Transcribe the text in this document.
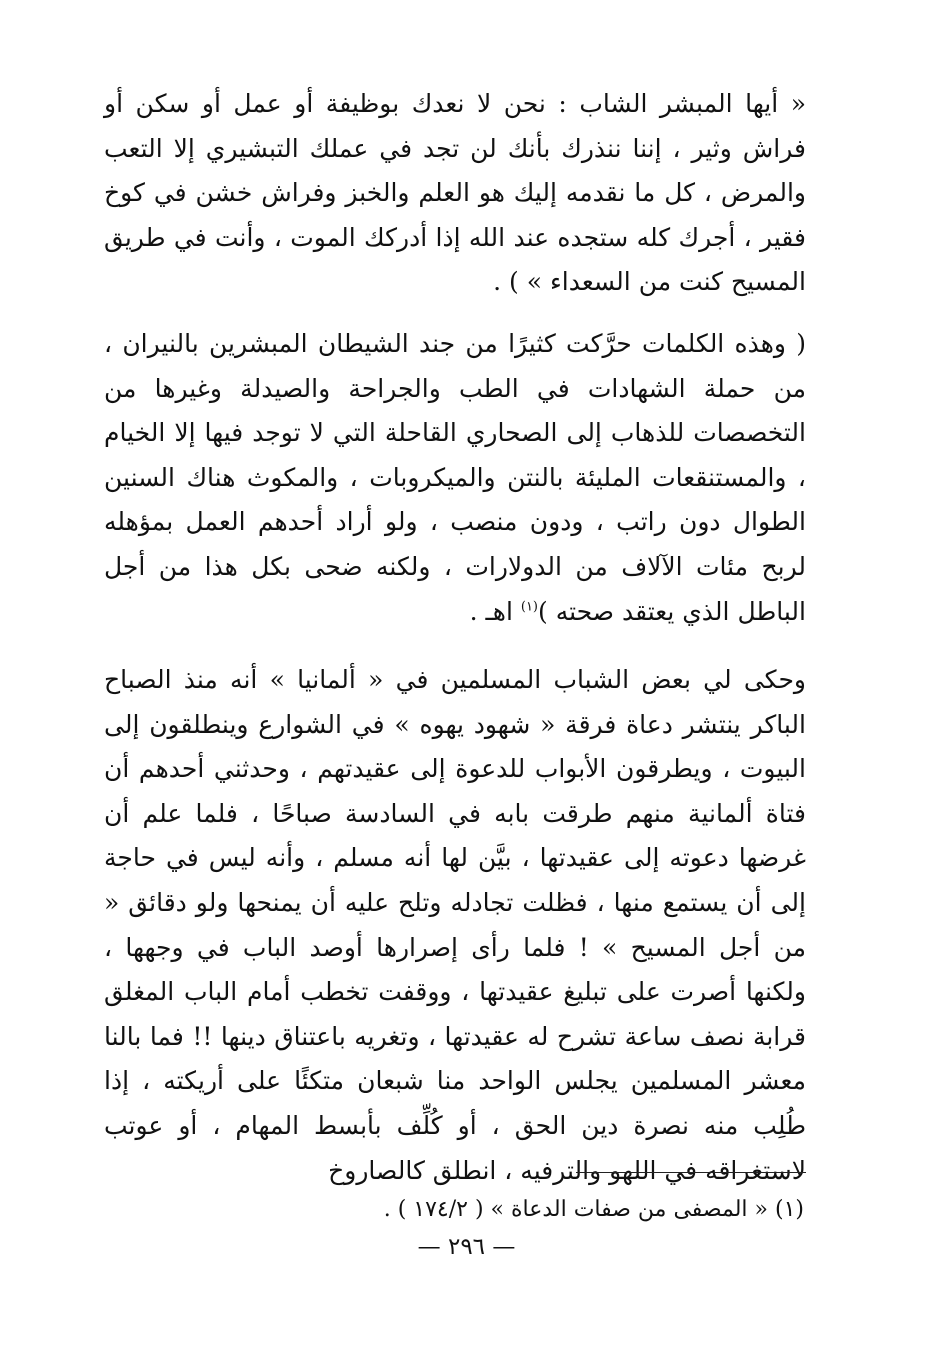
« أيها المبشر الشاب : نحن لا نعدك بوظيفة أو عمل أو سكن أو فراش وثير ، إننا ننذرك بأنك لن تجد في عملك التبشيري إلا التعب والمرض ، كل ما نقدمه إليك هو العلم والخبز وفراش خشن في كوخ فقير ، أجرك كله ستجده عند الله إذا أدركك الموت ، وأنت في طريق المسيح كنت من السعداء » ) .

( وهذه الكلمات حرَّكت كثيرًا من جند الشيطان المبشرين بالنيران ، من حملة الشهادات في الطب والجراحة والصيدلة وغيرها من التخصصات للذهاب إلى الصحاري القاحلة التي لا توجد فيها إلا الخيام ، والمستنقعات المليئة بالنتن والميكروبات ، والمكوث هناك السنين الطوال دون راتب ، ودون منصب ، ولو أراد أحدهم العمل بمؤهله لربح مئات الآلاف من الدولارات ، ولكنه ضحى بكل هذا من أجل الباطل الذي يعتقد صحته )$^{(١)}$ اهـ .

وحكى لي بعض الشباب المسلمين في « ألمانيا » أنه منذ الصباح الباكر ينتشر دعاة فرقة « شهود يهوه » في الشوارع وينطلقون إلى البيوت ، ويطرقون الأبواب للدعوة إلى عقيدتهم ، وحدثني أحدهم أن فتاة ألمانية منهم طرقت بابه في السادسة صباحًا ، فلما علم أن غرضها دعوته إلى عقيدتها ، بيَّن لها أنه مسلم ، وأنه ليس في حاجة إلى أن يستمع منها ، فظلت تجادله وتلح عليه أن يمنحها ولو دقائق « من أجل المسيح » ! فلما رأى إصرارها أوصد الباب في وجهها ، ولكنها أصرت على تبليغ عقيدتها ، ووقفت تخطب أمام الباب المغلق قرابة نصف ساعة تشرح له عقيدتها ، وتغريه باعتناق دينها !! فما بالنا معشر المسلمين يجلس الواحد منا شبعان متكئًا على أريكته ، إذا طُلِب منه نصرة دين الحق ، أو كُلِّف بأبسط المهام ، أو عوتب لاستغراقه في اللهو والترفيه ، انطلق كالصاروخ

(١) « المصفى من صفات الدعاة » ( ١٧٤/٢ ) .
— ٢٩٦ —
